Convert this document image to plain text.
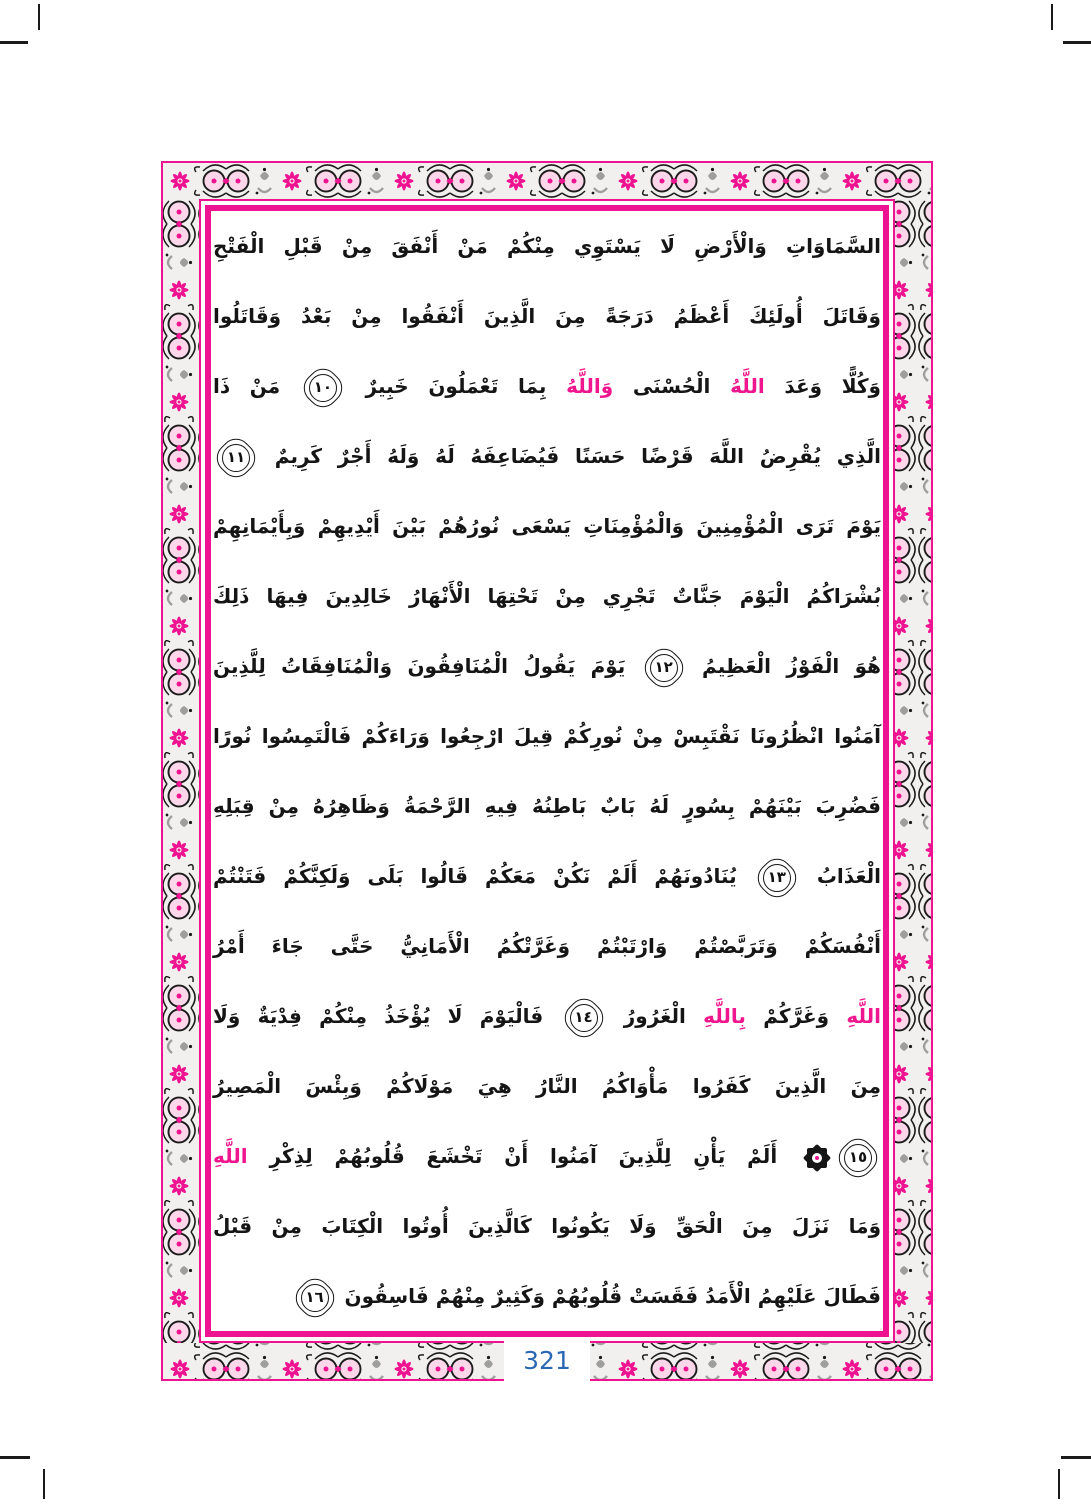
السَّمَاوَاتِ وَالْأَرْضِ لَا يَسْتَوِي مِنْكُمْ مَنْ أَنْفَقَ مِنْ قَبْلِ الْفَتْحِ
وَقَاتَلَ أُولَئِكَ أَعْظَمُ دَرَجَةً مِنَ الَّذِينَ أَنْفَقُوا مِنْ بَعْدُ وَقَاتَلُوا
وَكُلًّا وَعَدَ اللَّهُ الْحُسْنَى وَاللَّهُ بِمَا تَعْمَلُونَ خَبِيرٌ
١٠
مَنْ ذَا
الَّذِي يُقْرِضُ اللَّهَ قَرْضًا حَسَنًا فَيُضَاعِفَهُ لَهُ وَلَهُ أَجْرٌ كَرِيمٌ
١١
يَوْمَ تَرَى الْمُؤْمِنِينَ وَالْمُؤْمِنَاتِ يَسْعَى نُورُهُمْ بَيْنَ أَيْدِيهِمْ وَبِأَيْمَانِهِمْ
بُشْرَاكُمُ الْيَوْمَ جَنَّاتٌ تَجْرِي مِنْ تَحْتِهَا الْأَنْهَارُ خَالِدِينَ فِيهَا ذَلِكَ
هُوَ الْفَوْزُ الْعَظِيمُ
١٢
يَوْمَ يَقُولُ الْمُنَافِقُونَ وَالْمُنَافِقَاتُ لِلَّذِينَ
آمَنُوا انْظُرُونَا نَقْتَبِسْ مِنْ نُورِكُمْ قِيلَ ارْجِعُوا وَرَاءَكُمْ فَالْتَمِسُوا نُورًا
فَضُرِبَ بَيْنَهُمْ بِسُورٍ لَهُ بَابٌ بَاطِنُهُ فِيهِ الرَّحْمَةُ وَظَاهِرُهُ مِنْ قِبَلِهِ
الْعَذَابُ
١٣
يُنَادُونَهُمْ أَلَمْ نَكُنْ مَعَكُمْ قَالُوا بَلَى وَلَكِنَّكُمْ فَتَنْتُمْ
أَنْفُسَكُمْ وَتَرَبَّصْتُمْ وَارْتَبْتُمْ وَغَرَّتْكُمُ الْأَمَانِيُّ حَتَّى جَاءَ أَمْرُ
اللَّهِ وَغَرَّكُمْ بِاللَّهِ الْغَرُورُ
١٤
فَالْيَوْمَ لَا يُؤْخَذُ مِنْكُمْ فِدْيَةٌ وَلَا
مِنَ الَّذِينَ كَفَرُوا مَأْوَاكُمُ النَّارُ هِيَ مَوْلَاكُمْ وَبِئْسَ الْمَصِيرُ
١٥
أَلَمْ يَأْنِ لِلَّذِينَ آمَنُوا أَنْ تَخْشَعَ قُلُوبُهُمْ لِذِكْرِ اللَّهِ
وَمَا نَزَلَ مِنَ الْحَقِّ وَلَا يَكُونُوا كَالَّذِينَ أُوتُوا الْكِتَابَ مِنْ قَبْلُ
فَطَالَ عَلَيْهِمُ الْأَمَدُ فَقَسَتْ قُلُوبُهُمْ وَكَثِيرٌ مِنْهُمْ فَاسِقُونَ
١٦
321
